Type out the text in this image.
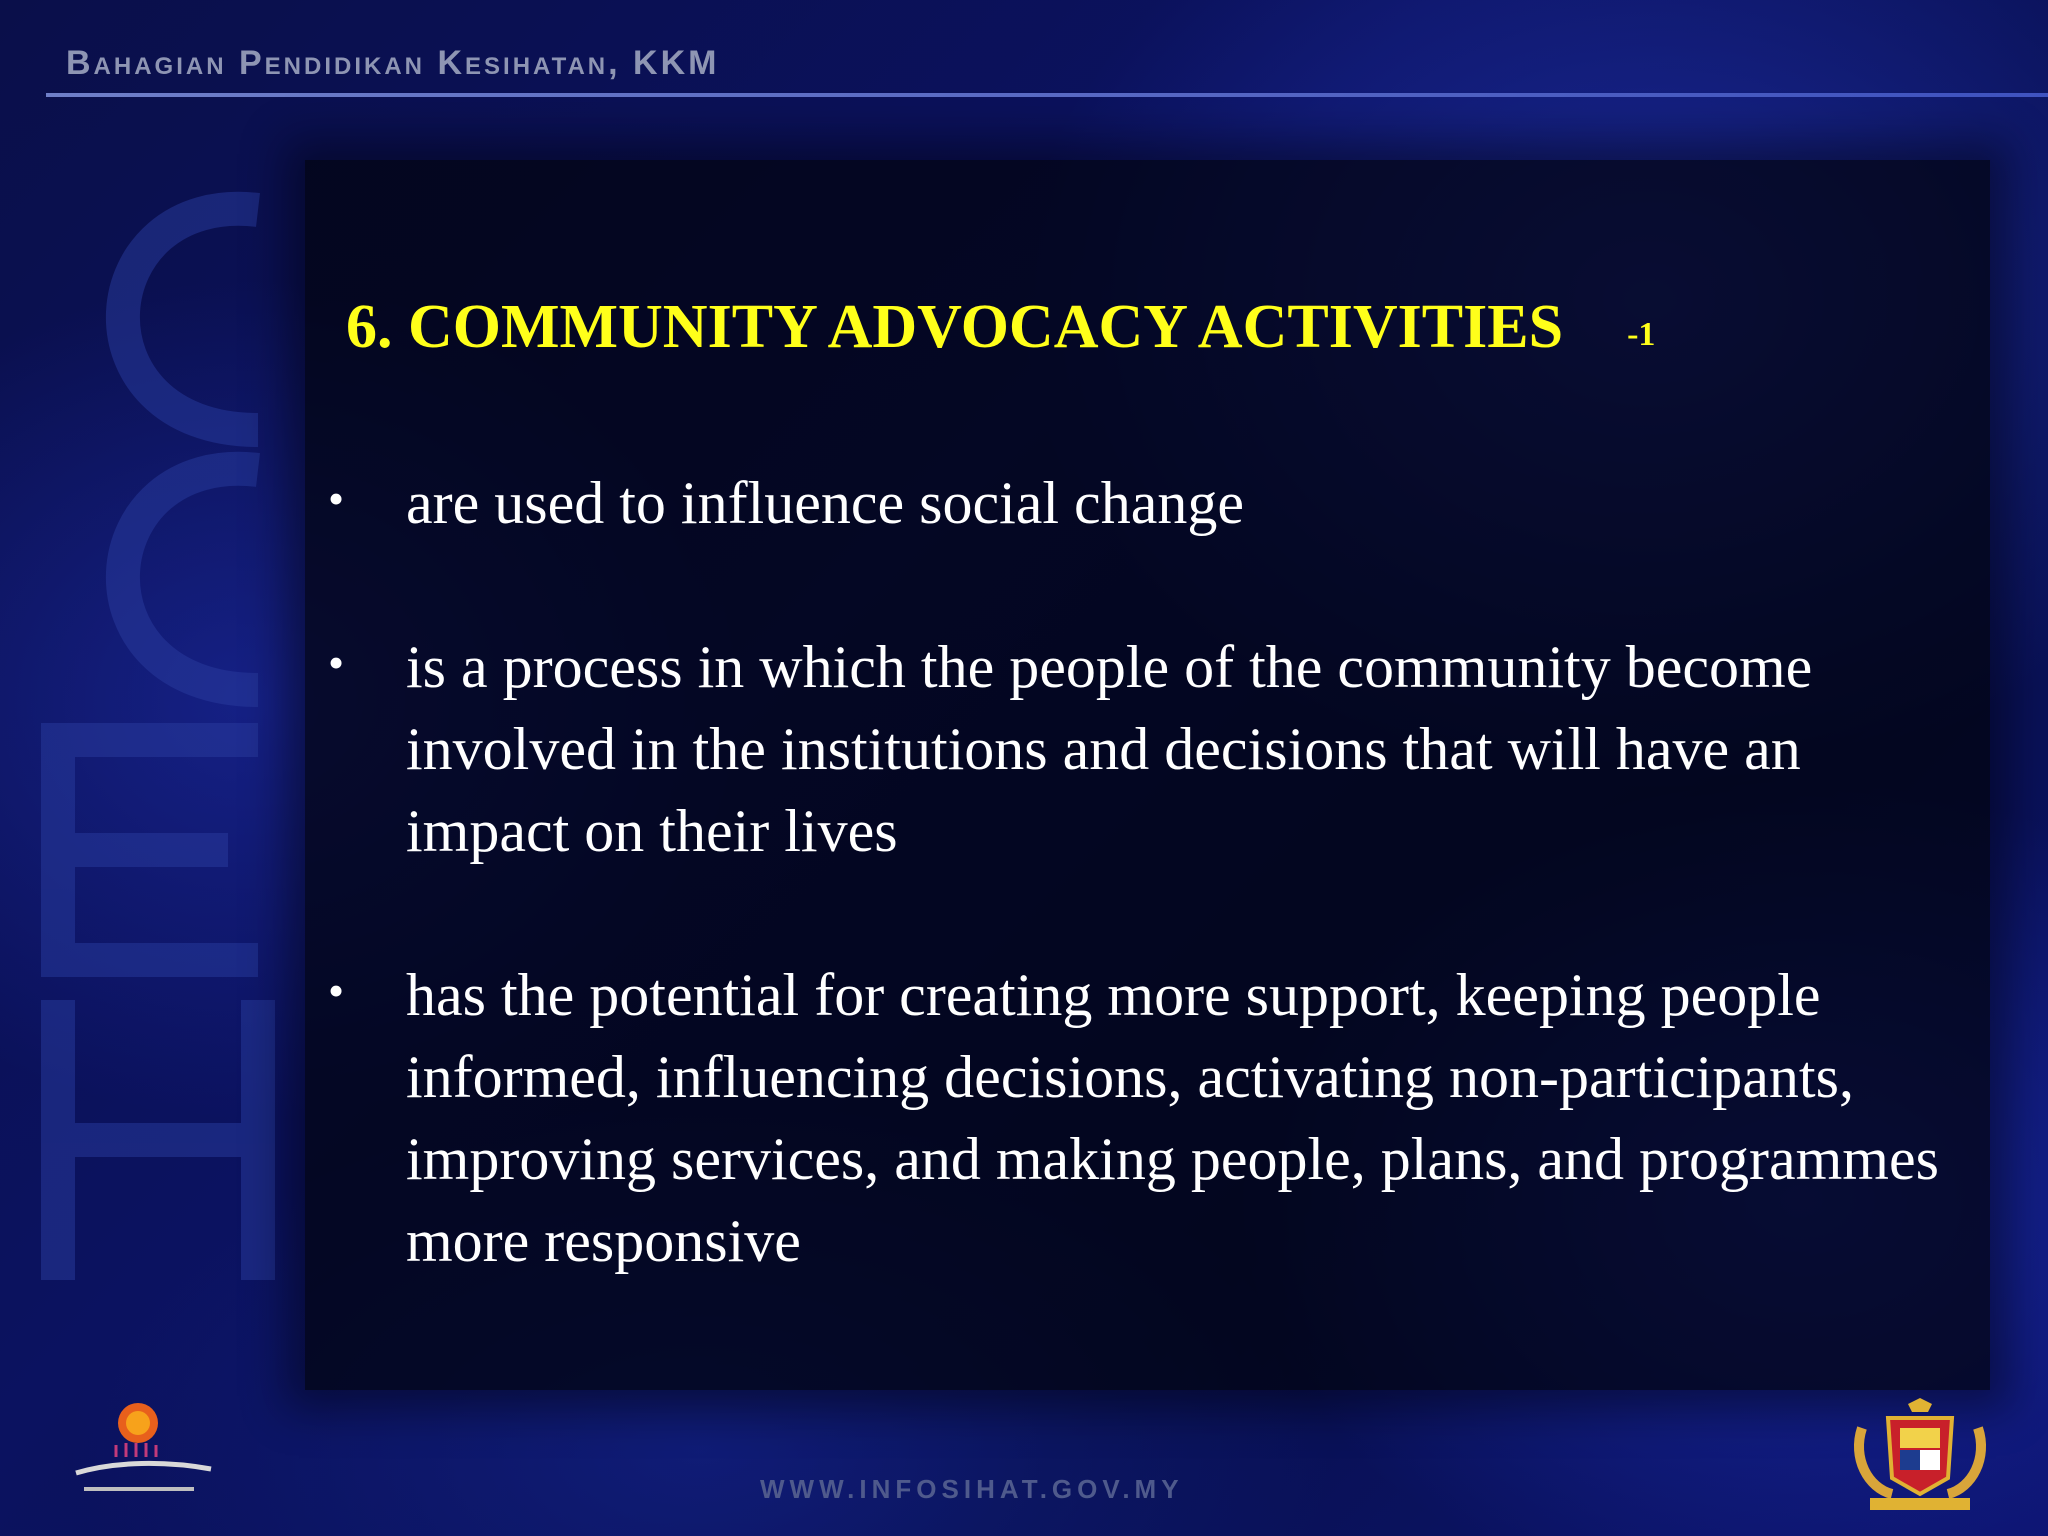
Bahagian Pendidikan Kesihatan, KKM
HECC
6. COMMUNITY ADVOCACY ACTIVITIES -1
• are used to influence social change
• is a process in which the people of the community become involved in the institutions and decisions that will have an impact on their lives
• has the potential for creating more support, keeping people informed, influencing decisions, activating non-participants, improving services, and making people, plans, and programmes more responsive
WWW.INFOSIHAT.GOV.MY
